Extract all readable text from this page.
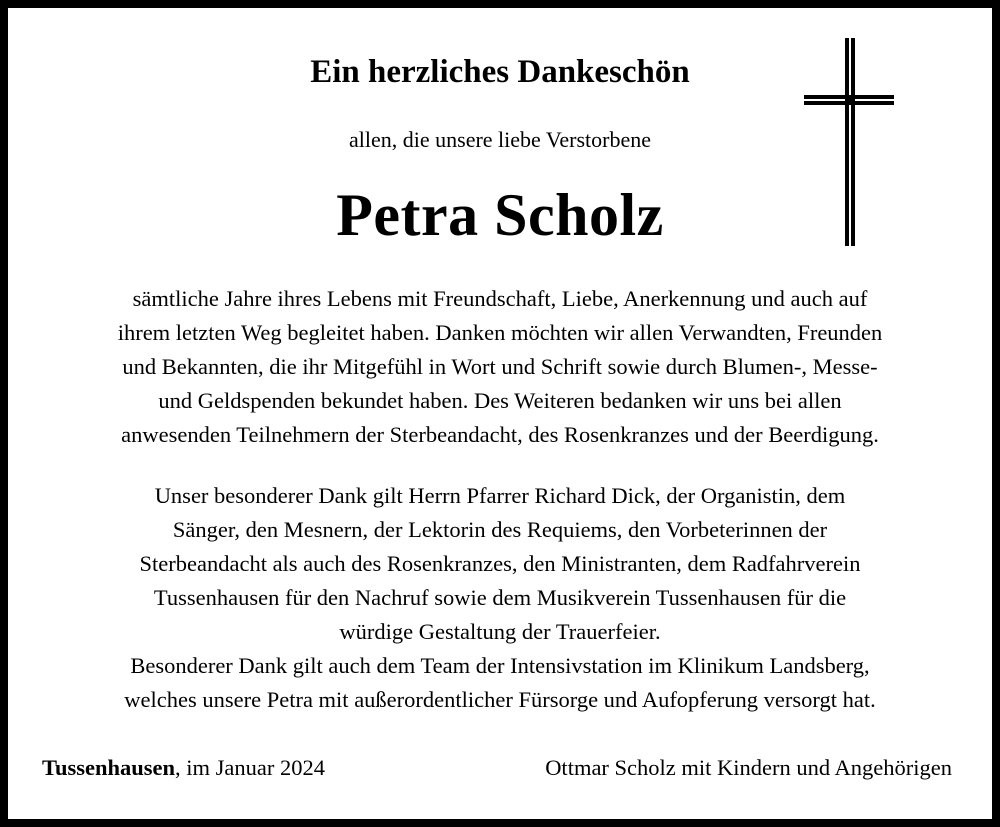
Ein herzliches Dankeschön
allen, die unsere liebe Verstorbene
Petra Scholz
sämtliche Jahre ihres Lebens mit Freundschaft, Liebe, Anerkennung und auch auf
ihrem letzten Weg begleitet haben. Danken möchten wir allen Verwandten, Freunden
und Bekannten, die ihr Mitgefühl in Wort und Schrift sowie durch Blumen-, Messe-
und Geldspenden bekundet haben. Des Weiteren bedanken wir uns bei allen
anwesenden Teilnehmern der Sterbeandacht, des Rosenkranzes und der Beerdigung.
Unser besonderer Dank gilt Herrn Pfarrer Richard Dick, der Organistin, dem
Sänger, den Mesnern, der Lektorin des Requiems, den Vorbeterinnen der
Sterbeandacht als auch des Rosenkranzes, den Ministranten, dem Radfahrverein
Tussenhausen für den Nachruf sowie dem Musikverein Tussenhausen für die
würdige Gestaltung der Trauerfeier.
Besonderer Dank gilt auch dem Team der Intensivstation im Klinikum Landsberg,
welches unsere Petra mit außerordentlicher Fürsorge und Aufopferung versorgt hat.
Tussenhausen, im Januar 2024	Ottmar Scholz mit Kindern und Angehörigen
